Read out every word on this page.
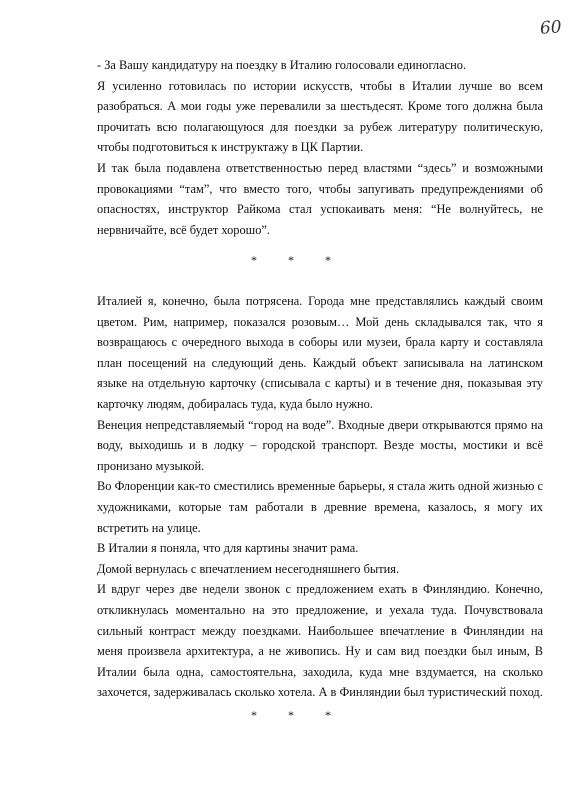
60

- За Вашу кандидатуру на поездку в Италию голосовали единогласно.

Я усиленно готовилась по истории искусств, чтобы в Италии лучше во всем разобраться. А мои годы уже перевалили за шестьдесят. Кроме того должна была прочитать всю полагающуюся для поездки за рубеж литературу политическую, чтобы подготовиться к инструктажу в ЦК Партии.

И так была подавлена ответственностью перед властями “здесь” и возможными провокациями “там”, что вместо того, чтобы запугивать предупреждениями об опасностях, инструктор Райкома стал успокаивать меня: “Не волнуйтесь, не нервничайте, всё будет хорошо”.

* * *

Италией я, конечно, была потрясена. Города мне представлялись каждый своим цветом. Рим, например, показался розовым… Мой день складывался так, что я возвращаюсь с очередного выхода в соборы или музеи, брала карту и составляла план посещений на следующий день. Каждый объект записывала на латинском языке на отдельную карточку (списывала с карты) и в течение дня, показывая эту карточку людям, добиралась туда, куда было нужно.

Венеция непредставляемый “город на воде”. Входные двери открываются прямо на воду, выходишь и в лодку – городской транспорт. Везде мосты, мостики и всё пронизано музыкой.

Во Флоренции как-то сместились временные барьеры, я стала жить одной жизнью с художниками, которые там работали в древние времена, казалось, я могу их встретить на улице.

В Италии я поняла, что для картины значит рама.

Домой вернулась с впечатлением несегодняшнего бытия.

И вдруг через две недели звонок с предложением ехать в Финляндию. Конечно, откликнулась моментально на это предложение, и уехала туда. Почувствовала сильный контраст между поездками. Наибольшее впечатление в Финляндии на меня произвела архитектура, а не живопись. Ну и сам вид поездки был иным, В Италии была одна, самостоятельна, заходила, куда мне вздумается, на сколько захочется, задерживалась сколько хотела. А в Финляндии был туристический поход.

* * *
